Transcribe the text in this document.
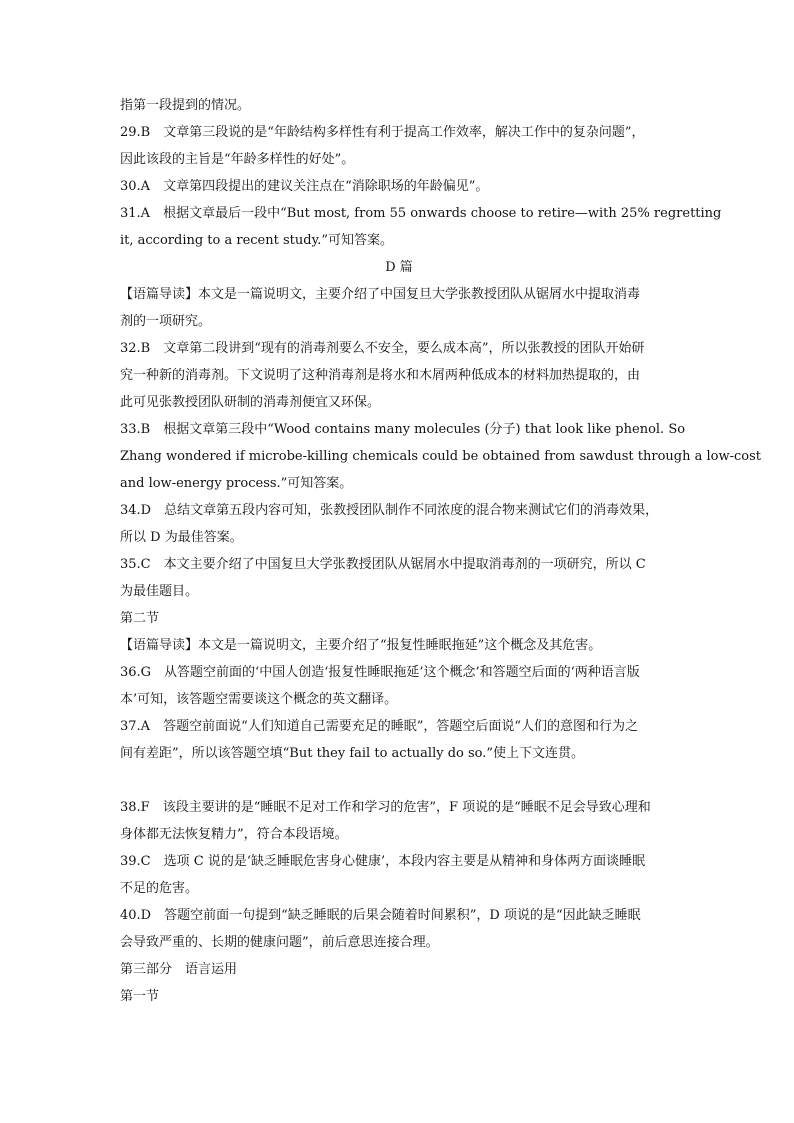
指第一段提到的情况。

29.B　文章第三段说的是“年龄结构多样性有利于提高工作效率，解决工作中的复杂问题”，

因此该段的主旨是“年龄多样性的好处”。

30.A　文章第四段提出的建议关注点在“消除职场的年龄偏见”。

31.A　根据文章最后一段中“But most, from 55 onwards choose to retire—with 25% regretting

it, according to a recent study.”可知答案。

D 篇

【语篇导读】本文是一篇说明文，主要介绍了中国复旦大学张教授团队从锯屑水中提取消毒

剂的一项研究。

32.B　文章第二段讲到“现有的消毒剂要么不安全，要么成本高”，所以张教授的团队开始研

究一种新的消毒剂。下文说明了这种消毒剂是将水和木屑两种低成本的材料加热提取的，由

此可见张教授团队研制的消毒剂便宜又环保。

33.B　根据文章第三段中“Wood contains many molecules (分子) that look like phenol. So

Zhang wondered if microbe-killing chemicals could be obtained from sawdust through a low-cost

and low-energy process.”可知答案。

34.D　总结文章第五段内容可知，张教授团队制作不同浓度的混合物来测试它们的消毒效果，

所以 D 为最佳答案。

35.C　本文主要介绍了中国复旦大学张教授团队从锯屑水中提取消毒剂的一项研究，所以 C

为最佳题目。

第二节

【语篇导读】本文是一篇说明文，主要介绍了“报复性睡眠拖延”这个概念及其危害。

36.G　从答题空前面的‘中国人创造‘报复性睡眠拖延’这个概念’和答题空后面的‘两种语言版

本’可知，该答题空需要谈这个概念的英文翻译。

37.A　答题空前面说“人们知道自己需要充足的睡眠”，答题空后面说“人们的意图和行为之

间有差距”，所以该答题空填“But they fail to actually do so.”使上下文连贯。

38.F　该段主要讲的是“睡眠不足对工作和学习的危害”，F 项说的是“睡眠不足会导致心理和

身体都无法恢复精力”，符合本段语境。

39.C　选项 C 说的是‘缺乏睡眠危害身心健康’，本段内容主要是从精神和身体两方面谈睡眠

不足的危害。

40.D　答题空前面一句提到“缺乏睡眠的后果会随着时间累积”，D 项说的是“因此缺乏睡眠

会导致严重的、长期的健康问题”，前后意思连接合理。

第三部分　语言运用

第一节
